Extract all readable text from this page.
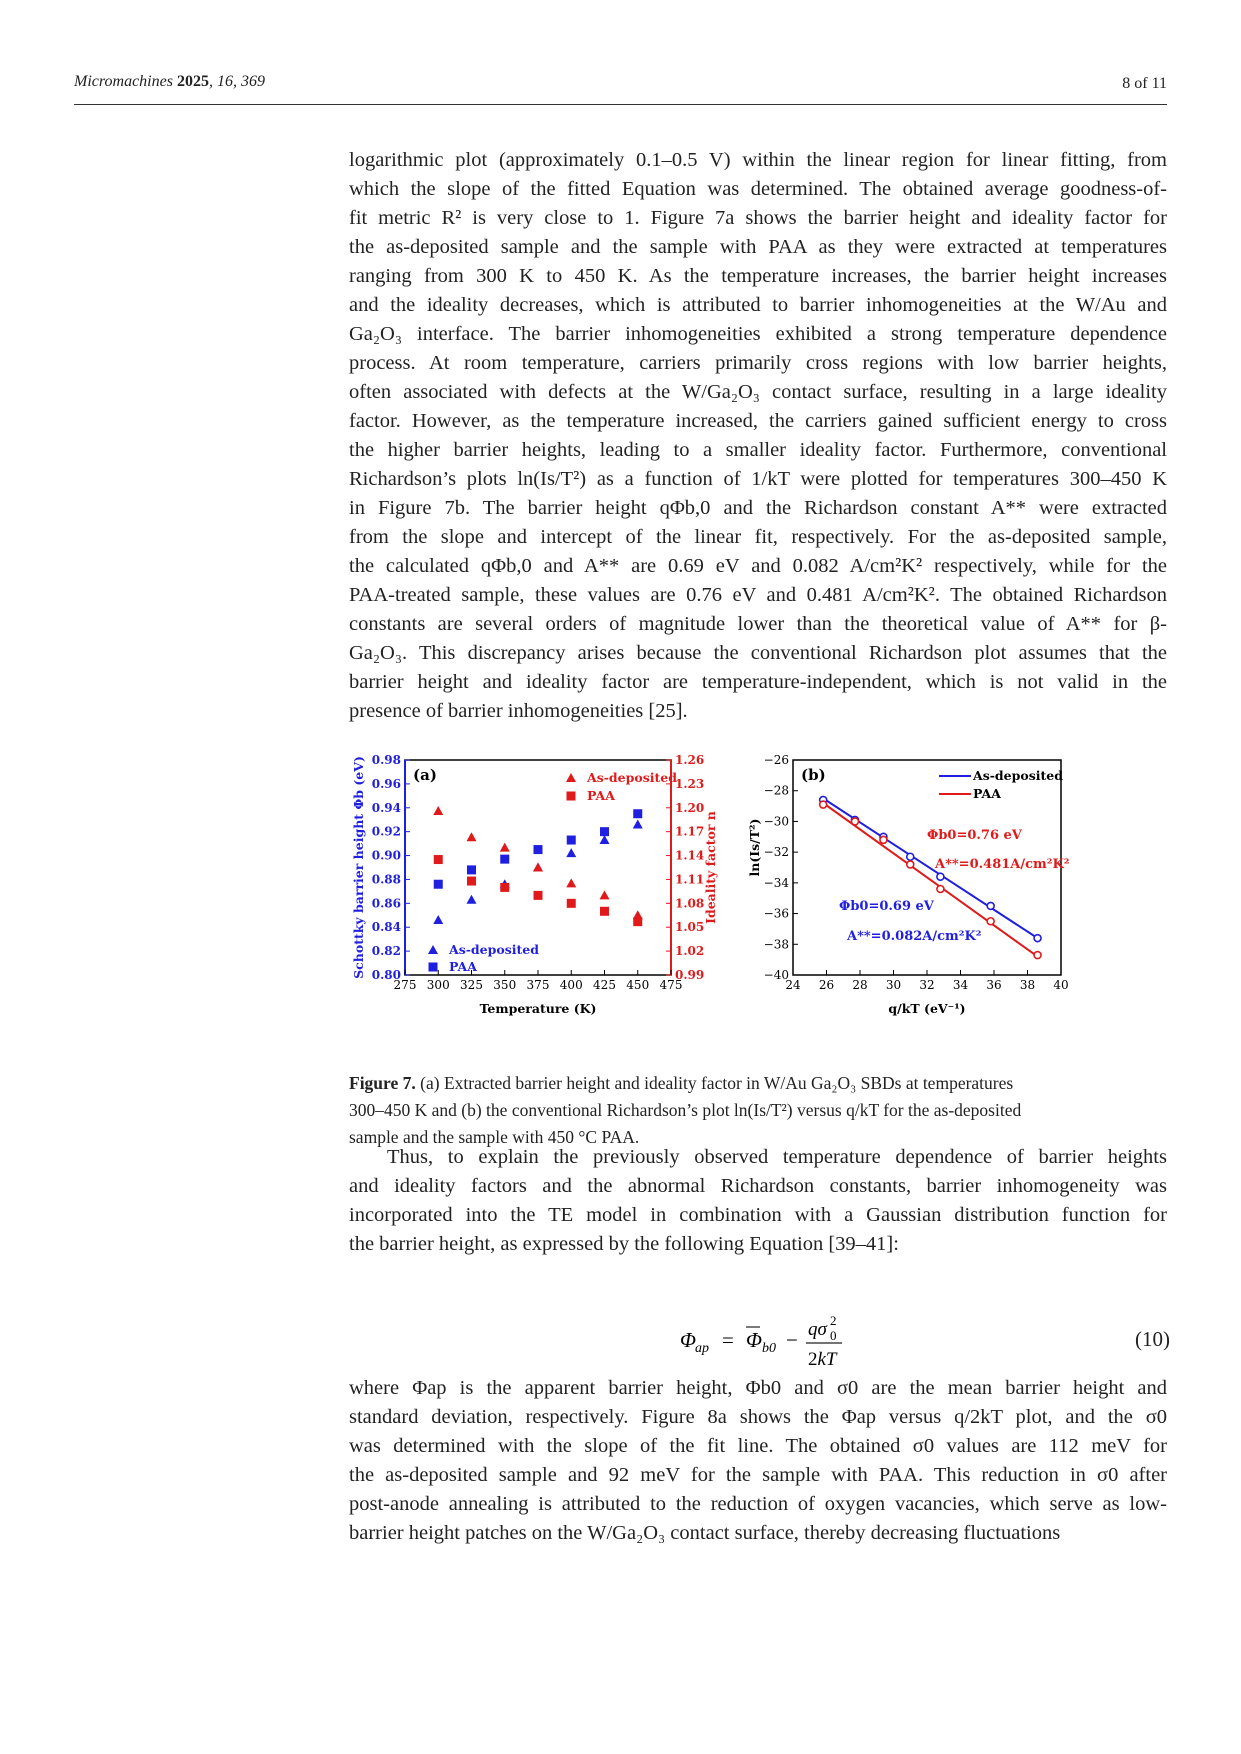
Micromachines 2025, 16, 369	8 of 11

logarithmic plot (approximately 0.1–0.5 V) within the linear region for linear fitting, from
which the slope of the fitted Equation was determined. The obtained average goodness-of-
fit metric R² is very close to 1. Figure 7a shows the barrier height and ideality factor for
the as-deposited sample and the sample with PAA as they were extracted at temperatures
ranging from 300 K to 450 K. As the temperature increases, the barrier height increases
and the ideality decreases, which is attributed to barrier inhomogeneities at the W/Au and
Ga₂O₃ interface. The barrier inhomogeneities exhibited a strong temperature dependence
process. At room temperature, carriers primarily cross regions with low barrier heights,
often associated with defects at the W/Ga₂O₃ contact surface, resulting in a large ideality
factor. However, as the temperature increased, the carriers gained sufficient energy to cross
the higher barrier heights, leading to a smaller ideality factor. Furthermore, conventional
Richardson’s plots ln(Is/T²) as a function of 1/kT were plotted for temperatures 300–450 K
in Figure 7b. The barrier height qΦb,0 and the Richardson constant A** were extracted
from the slope and intercept of the linear fit, respectively. For the as-deposited sample,
the calculated qΦb,0 and A** are 0.69 eV and 0.082 A/cm²K² respectively, while for the
PAA-treated sample, these values are 0.76 eV and 0.481 A/cm²K². The obtained Richardson
constants are several orders of magnitude lower than the theoretical value of A** for β-
Ga₂O₃. This discrepancy arises because the conventional Richardson plot assumes that the
barrier height and ideality factor are temperature-independent, which is not valid in the
presence of barrier inhomogeneities [25].

275 300 325 350 375 400 425 450 475
0.80
0.82
0.84
0.86
0.88
0.90
0.92
0.94
0.96
0.98
0.99
1.02
1.05
1.08
1.11
1.14
1.17
1.20
1.23
1.26
Temperature (K)
Schottky barrier height Φb (eV)	Ideality factor n
(a)	As-deposited
PAA
As-deposited
PAA
24 26 28 30 32 34 36 38 40
−40
−38
−36
−34
−32
−30
−28
−26
q/kT (eV⁻¹)
ln(Is/T²)
(b)	As-deposited
PAA
Φb0=0.76 eV
A**=0.481A/cm²K²
Φb0=0.69 eV
A**=0.082A/cm²K²
Figure 7. (a) Extracted barrier height and ideality factor in W/Au Ga₂O₃ SBDs at temperatures
300–450 K and (b) the conventional Richardson’s plot ln(Is/T²) versus q/kT for the as-deposited
sample and the sample with 450 °C PAA.

Thus, to explain the previously observed temperature dependence of barrier heights
and ideality factors and the abnormal Richardson constants, barrier inhomogeneity was
incorporated into the TE model in combination with a Gaussian distribution function for
the barrier height, as expressed by the following Equation [39–41]:

Φ ap = Φ b0 − qσ 2
0
2kT
(10)

where Φap is the apparent barrier height, Φb0 and σ0 are the mean barrier height and
standard deviation, respectively. Figure 8a shows the Φap versus q/2kT plot, and the σ0
was determined with the slope of the fit line. The obtained σ0 values are 112 meV for
the as-deposited sample and 92 meV for the sample with PAA. This reduction in σ0 after
post-anode annealing is attributed to the reduction of oxygen vacancies, which serve as low-
barrier height patches on the W/Ga₂O₃ contact surface, thereby decreasing fluctuations
